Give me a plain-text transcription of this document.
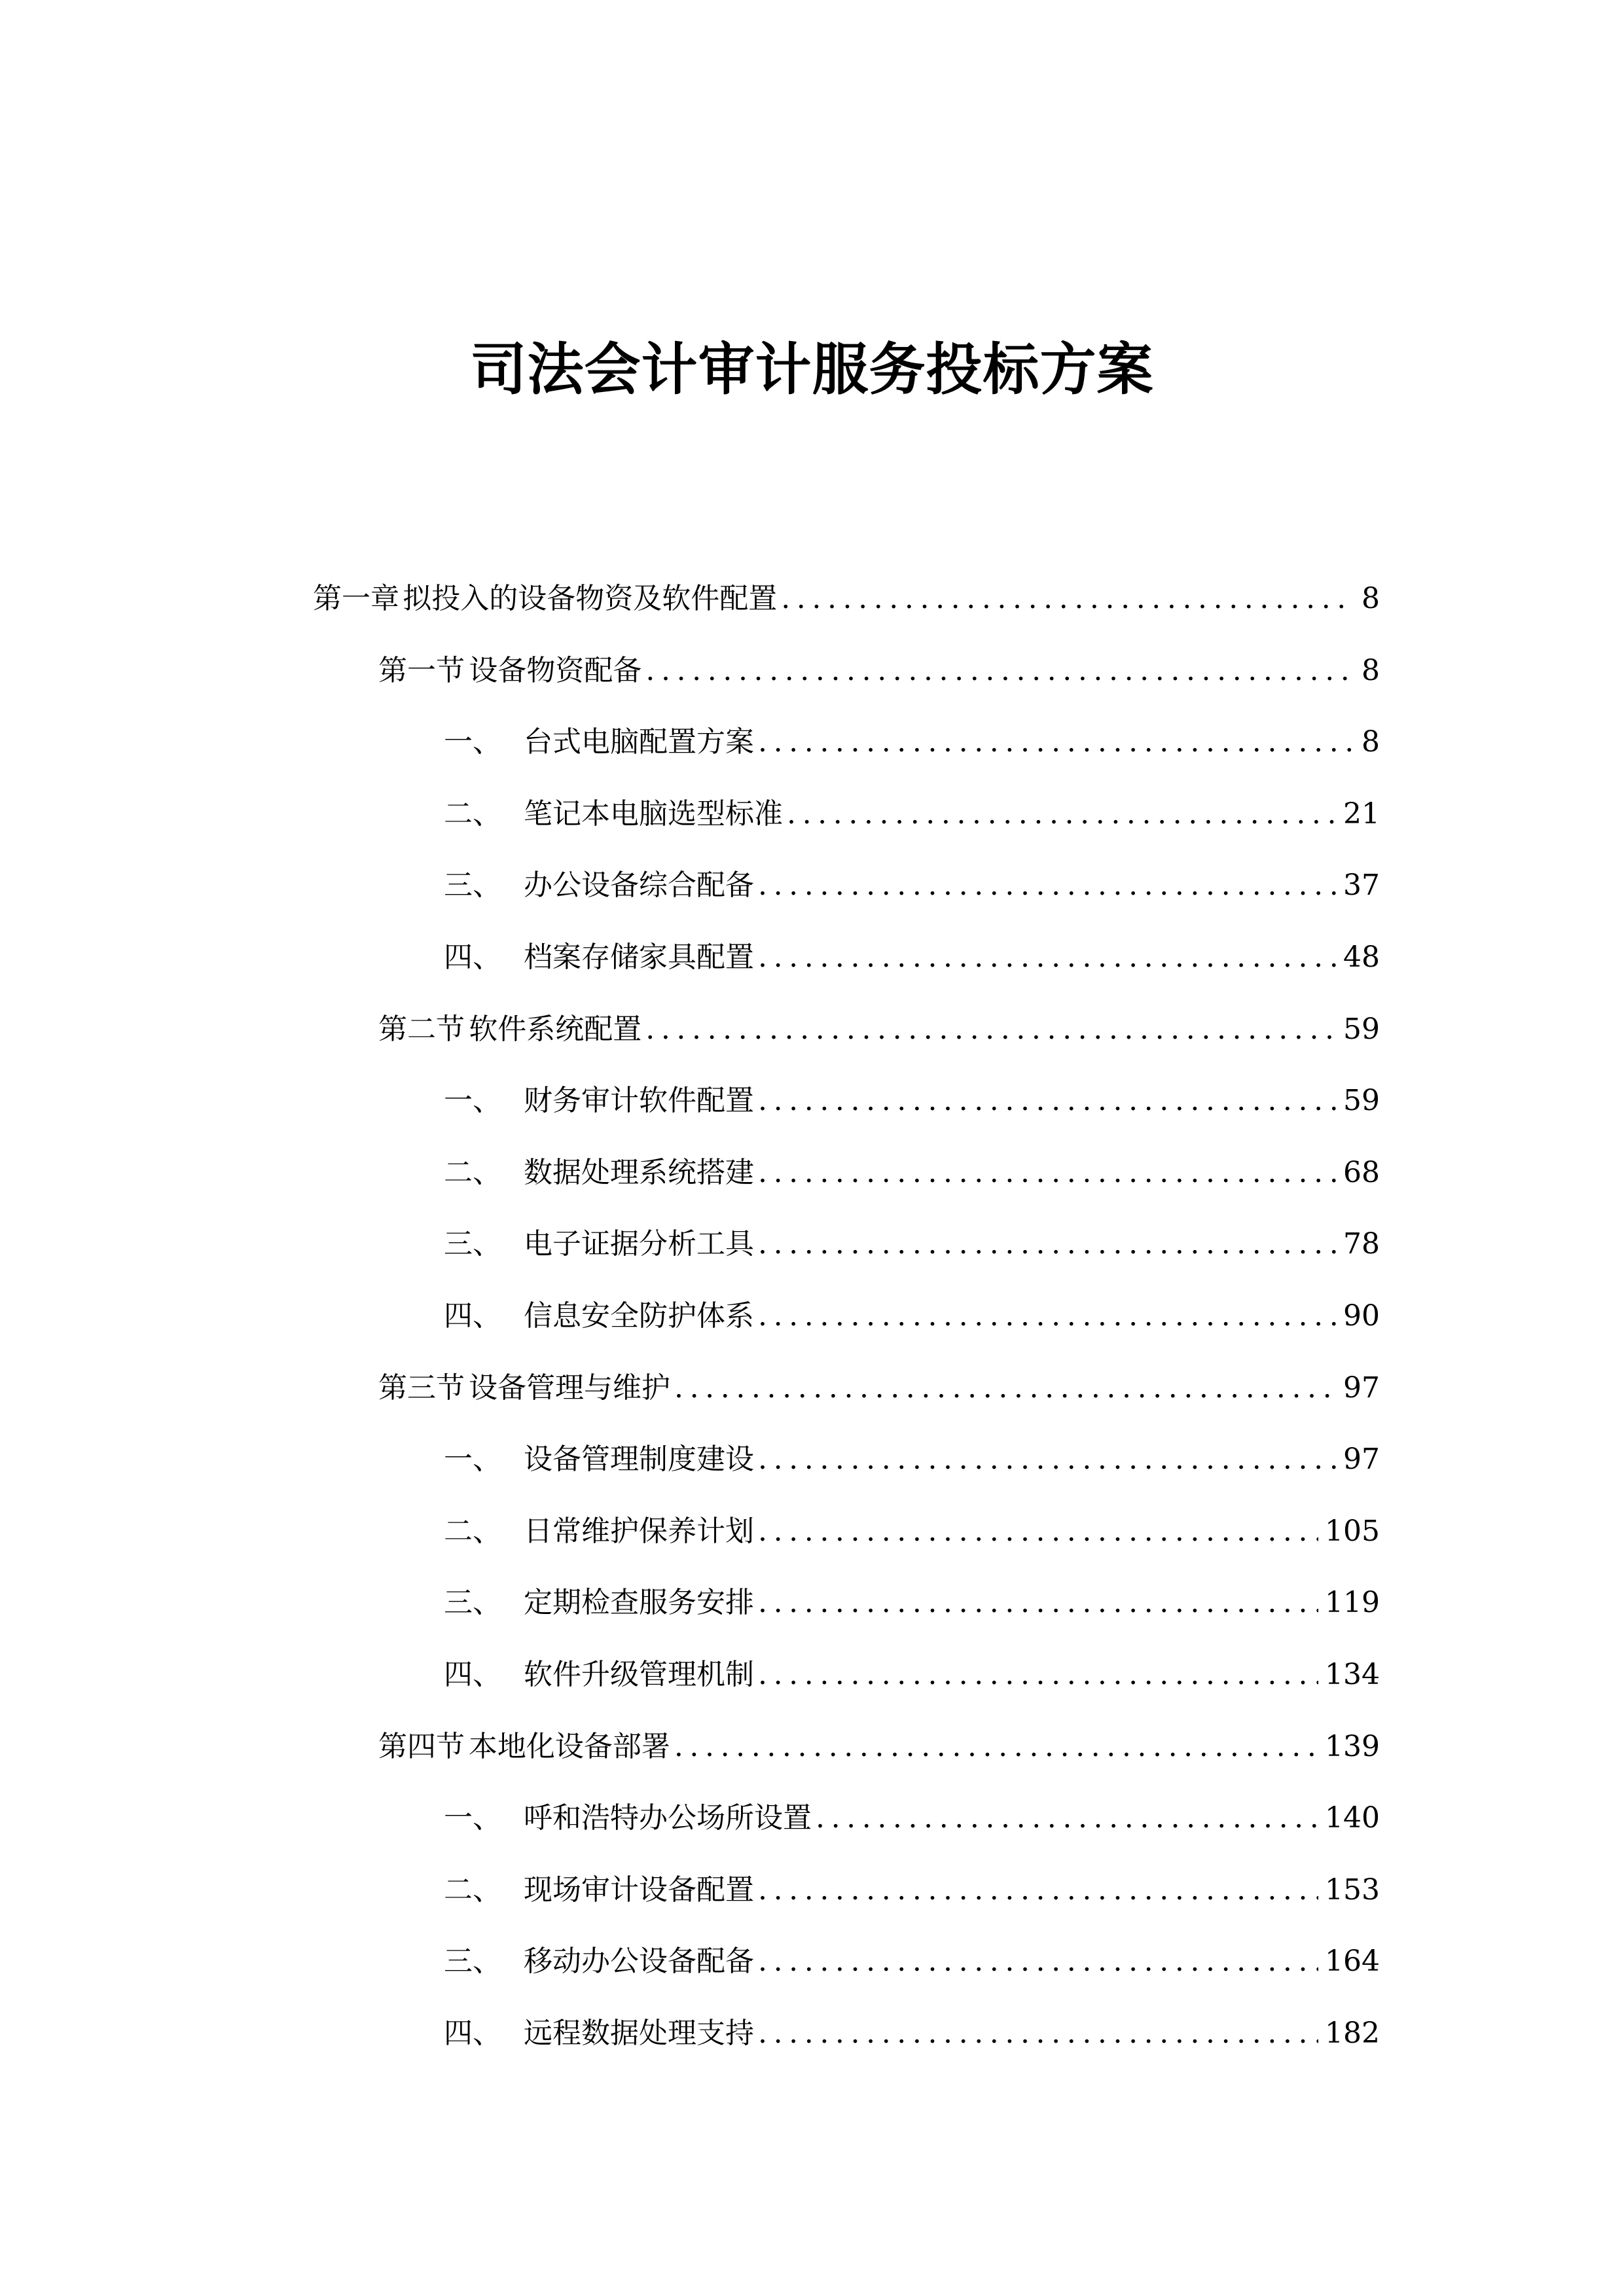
司法会计审计服务投标方案
第一章 拟投入的设备物资及软件配置 .....	8
第一节 设备物资配备 .....	8
一、 台式电脑配置方案 .....	8
二、 笔记本电脑选型标准 .....	21
三、 办公设备综合配备 .....	37
四、 档案存储家具配置 .....	48
第二节 软件系统配置 .....	59
一、 财务审计软件配置 .....	59
二、 数据处理系统搭建 .....	68
三、 电子证据分析工具 .....	78
四、 信息安全防护体系 .....	90
第三节 设备管理与维护 .....	97
一、 设备管理制度建设 .....	97
二、 日常维护保养计划 .....	105
三、 定期检查服务安排 .....	119
四、 软件升级管理机制 .....	134
第四节 本地化设备部署 .....	139
一、 呼和浩特办公场所设置 .....	140
二、 现场审计设备配置 .....	153
三、 移动办公设备配备 .....	164
四、 远程数据处理支持 .....	182
